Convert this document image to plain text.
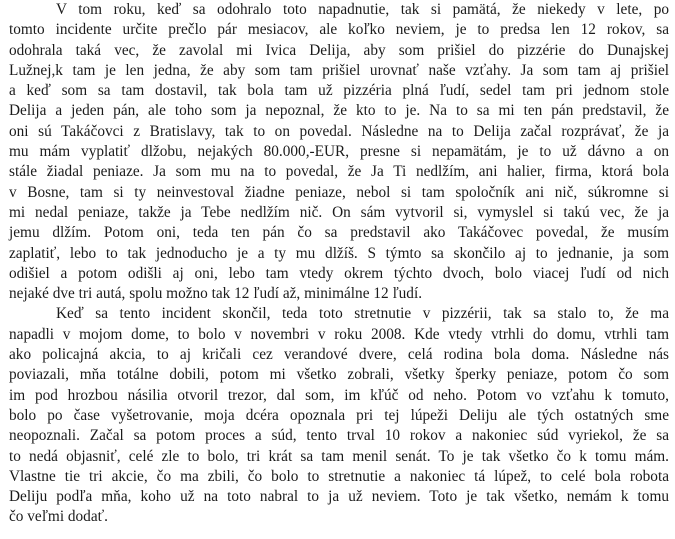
V tom roku, keď sa odohralo toto napadnutie, tak si pamätá, že niekedy v lete, po
tomto incidente určite prečlo pár mesiacov, ale koľko neviem, je to predsa len 12 rokov, sa
odohrala taká vec, že zavolal mi Ivica Delija, aby som prišiel do pizzérie do Dunajskej
Lužnej,k tam je len jedna, že aby som tam prišiel urovnať naše vzťahy. Ja som tam aj prišiel
a keď som sa tam dostavil, tak bola tam už pizzéria plná ľudí, sedel tam pri jednom stole
Delija a jeden pán, ale toho som ja nepoznal, že kto to je. Na to sa mi ten pán predstavil, že
oni sú Takáčovci z Bratislavy, tak to on povedal. Následne na to Delija začal rozprávať, že ja
mu mám vyplatiť dlžobu, nejakých 80.000,-EUR, presne si nepamätám, je to už dávno a on
stále žiadal peniaze. Ja som mu na to povedal, že Ja Ti nedlžím, ani halier, firma, ktorá bola
v Bosne, tam si ty neinvestoval žiadne peniaze, nebol si tam spoločník ani nič, súkromne si
mi nedal peniaze, takže ja Tebe nedlžím nič. On sám vytvoril si, vymyslel si takú vec, že ja
jemu dlžím. Potom oni, teda ten pán čo sa predstavil ako Takáčovec povedal, že musím
zaplatiť, lebo to tak jednoducho je a ty mu dlžíš. S týmto sa skončilo aj to jednanie, ja som
odišiel a potom odišli aj oni, lebo tam vtedy okrem týchto dvoch, bolo viacej ľudí od nich
nejaké dve tri autá, spolu možno tak 12 ľudí až, minimálne 12 ľudí.
Keď sa tento incident skončil, teda toto stretnutie v pizzérii, tak sa stalo to, že ma
napadli v mojom dome, to bolo v novembri v roku 2008. Kde vtedy vtrhli do domu, vtrhli tam
ako policajná akcia, to aj kričali cez verandové dvere, celá rodina bola doma. Následne nás
poviazali, mňa totálne dobili, potom mi všetko zobrali, všetky šperky peniaze, potom čo som
im pod hrozbou násilia otvoril trezor, dal som, im kľúč od neho. Potom vo vzťahu k tomuto,
bolo po čase vyšetrovanie, moja dcéra opoznala pri tej lúpeži Deliju ale tých ostatných sme
neopoznali. Začal sa potom proces a súd, tento trval 10 rokov a nakoniec súd vyriekol, že sa
to nedá objasniť, celé zle to bolo, tri krát sa tam menil senát. To je tak všetko čo k tomu mám.
Vlastne tie tri akcie, čo ma zbili, čo bolo to stretnutie a nakoniec tá lúpež, to celé bola robota
Deliju podľa mňa, koho už na toto nabral to ja už neviem. Toto je tak všetko, nemám k tomu
čo veľmi dodať.
